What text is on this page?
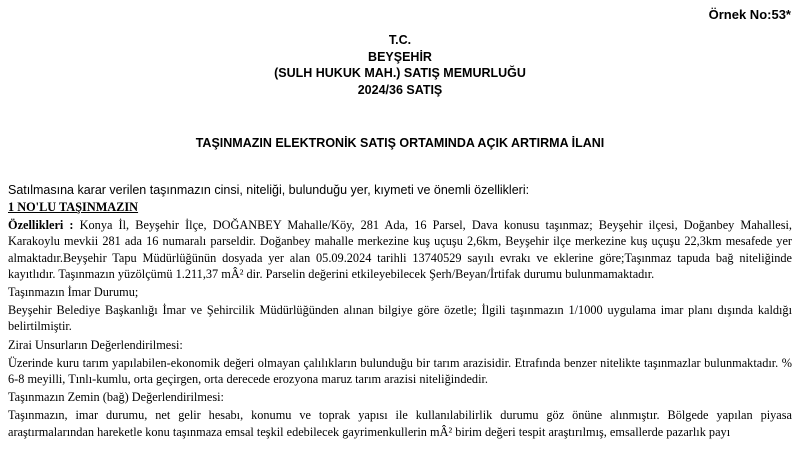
Örnek No:53*
T.C.
BEYŞEHİR
(SULH HUKUK MAH.) SATIŞ MEMURLUĞU
2024/36 SATIŞ
TAŞINMAZIN ELEKTRONİK SATIŞ ORTAMINDA AÇIK ARTIRMA İLANI
Satılmasına karar verilen taşınmazın cinsi, niteliği, bulunduğu yer, kıymeti ve önemli özellikleri:

1 NO'LU TAŞINMAZIN

Özellikleri : Konya İl, Beyşehir İlçe, DOĞANBEY Mahalle/Köy, 281 Ada, 16 Parsel, Dava konusu taşınmaz; Beyşehir ilçesi, Doğanbey Mahallesi, Karakoylu mevkii 281 ada 16 numaralı parseldir. Doğanbey mahalle merkezine kuş uçuşu 2,6km, Beyşehir ilçe merkezine kuş uçuşu 22,3km mesafede yer almaktadır.Beyşehir Tapu Müdürlüğünün dosyada yer alan 05.09.2024 tarihli 13740529 sayılı evrakı ve eklerine göre;Taşınmaz tapuda bağ niteliğinde kayıtlıdır. Taşınmazın yüzölçümü 1.211,37 mÂ² dir. Parselin değerini etkileyebilecek Şerh/Beyan/İrtifak durumu bulunmamaktadır.

Taşınmazın İmar Durumu;

Beyşehir Belediye Başkanlığı İmar ve Şehircilik Müdürlüğünden alınan bilgiye göre özetle; İlgili taşınmazın 1/1000 uygulama imar planı dışında kaldığı belirtilmiştir.

Zirai Unsurların Değerlendirilmesi:

Üzerinde kuru tarım yapılabilen-ekonomik değeri olmayan çalılıkların bulunduğu bir tarım arazisidir. Etrafında benzer nitelikte taşınmazlar bulunmaktadır. % 6-8 meyilli, Tınlı-kumlu, orta geçirgen, orta derecede erozyona maruz tarım arazisi niteliğindedir.

Taşınmazın Zemin (bağ) Değerlendirilmesi:

Taşınmazın, imar durumu, net gelir hesabı, konumu ve toprak yapısı ile kullanılabilirlik durumu göz önüne alınmıştır. Bölgede yapılan piyasa araştırmalarından hareketle konu taşınmaza emsal teşkil edebilecek gayrimenkullerin mÂ² birim değeri tespit araştırılmış, emsallerde pazarlık payı
